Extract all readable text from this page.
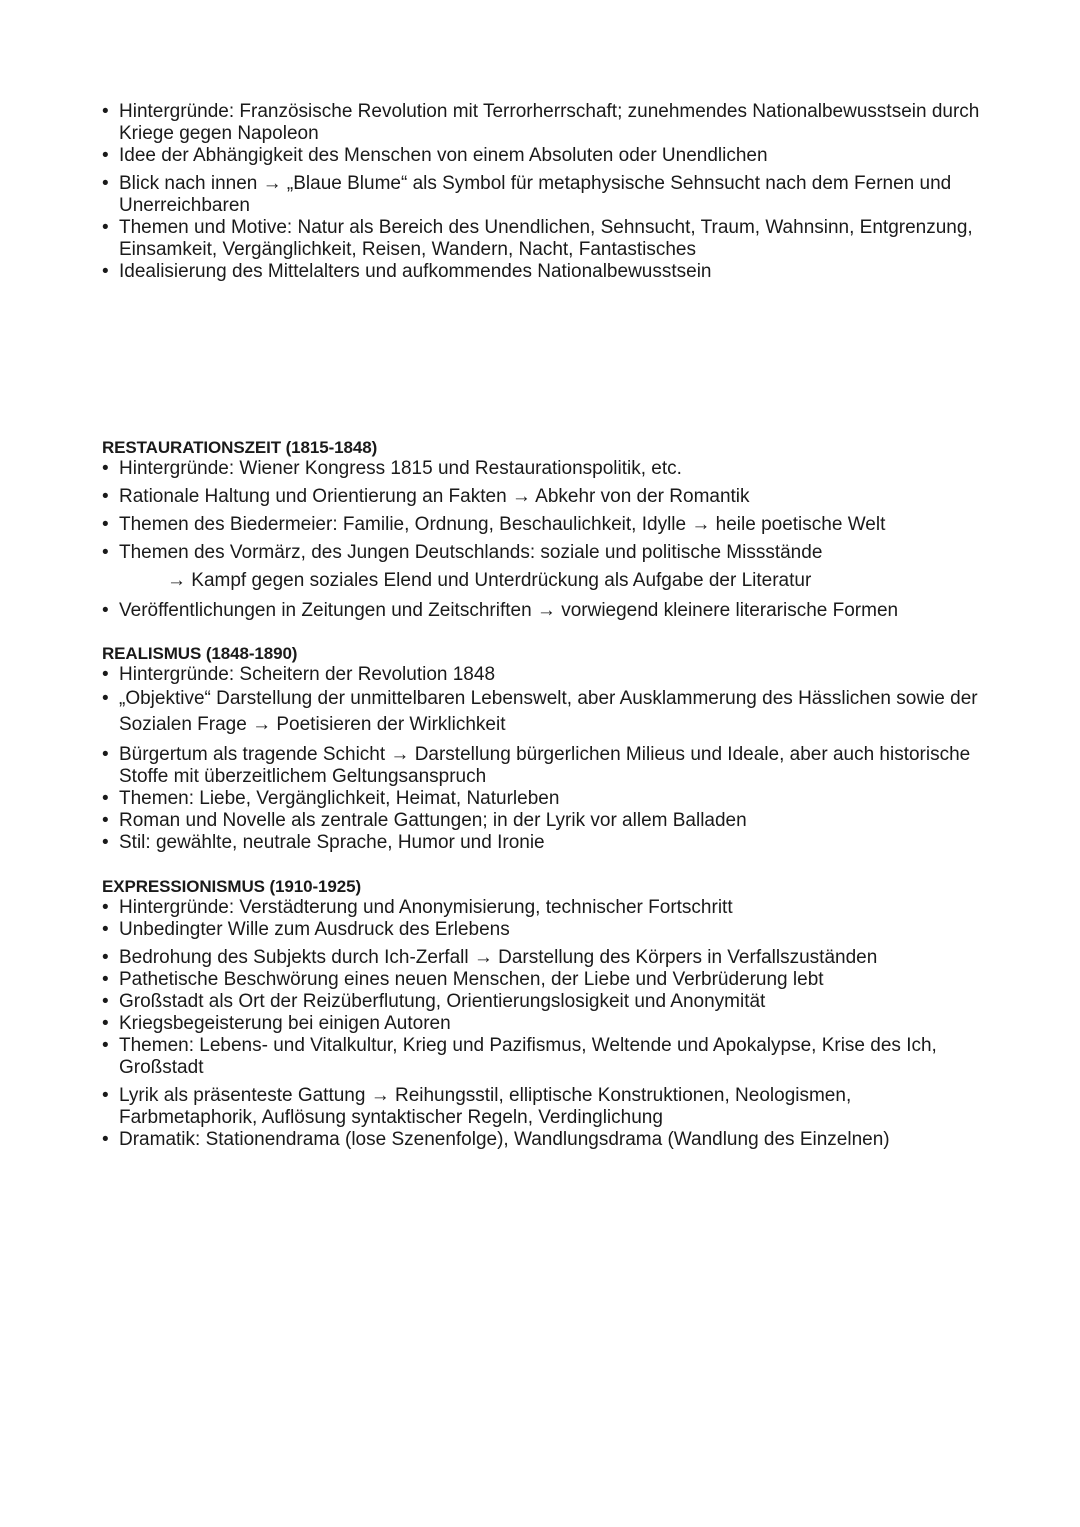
• Hintergründe: Französische Revolution mit Terrorherrschaft; zunehmendes Nationalbewusstsein durch Kriege gegen Napoleon
• Idee der Abhängigkeit des Menschen von einem Absoluten oder Unendlichen
• Blick nach innen → „Blaue Blume“ als Symbol für metaphysische Sehnsucht nach dem Fernen und Unerreichbaren
• Themen und Motive: Natur als Bereich des Unendlichen, Sehnsucht, Traum, Wahnsinn, Entgrenzung, Einsamkeit, Vergänglichkeit, Reisen, Wandern, Nacht, Fantastisches
• Idealisierung des Mittelalters und aufkommendes Nationalbewusstsein

RESTAURATIONSZEIT (1815-1848)

• Hintergründe: Wiener Kongress 1815 und Restaurationspolitik, etc.
• Rationale Haltung und Orientierung an Fakten → Abkehr von der Romantik
• Themen des Biedermeier: Familie, Ordnung, Beschaulichkeit, Idylle → heile poetische Welt
• Themen des Vormärz, des Jungen Deutschlands: soziale und politische Missstände
→ Kampf gegen soziales Elend und Unterdrückung als Aufgabe der Literatur
• Veröffentlichungen in Zeitungen und Zeitschriften → vorwiegend kleinere literarische Formen

REALISMUS (1848-1890)

• Hintergründe: Scheitern der Revolution 1848
• „Objektive“ Darstellung der unmittelbaren Lebenswelt, aber Ausklammerung des Hässlichen sowie der Sozialen Frage → Poetisieren der Wirklichkeit
• Bürgertum als tragende Schicht → Darstellung bürgerlichen Milieus und Ideale, aber auch historische Stoffe mit überzeitlichem Geltungsanspruch
• Themen: Liebe, Vergänglichkeit, Heimat, Naturleben
• Roman und Novelle als zentrale Gattungen; in der Lyrik vor allem Balladen
• Stil: gewählte, neutrale Sprache, Humor und Ironie

EXPRESSIONISMUS (1910-1925)

• Hintergründe: Verstädterung und Anonymisierung, technischer Fortschritt
• Unbedingter Wille zum Ausdruck des Erlebens
• Bedrohung des Subjekts durch Ich-Zerfall → Darstellung des Körpers in Verfallszuständen
• Pathetische Beschwörung eines neuen Menschen, der Liebe und Verbrüderung lebt
• Großstadt als Ort der Reizüberflutung, Orientierungslosigkeit und Anonymität
• Kriegsbegeisterung bei einigen Autoren
• Themen: Lebens- und Vitalkultur, Krieg und Pazifismus, Weltende und Apokalypse, Krise des Ich, Großstadt
• Lyrik als präsenteste Gattung → Reihungsstil, elliptische Konstruktionen, Neologismen, Farbmetaphorik, Auflösung syntaktischer Regeln, Verdinglichung
• Dramatik: Stationendrama (lose Szenenfolge), Wandlungsdrama (Wandlung des Einzelnen)
